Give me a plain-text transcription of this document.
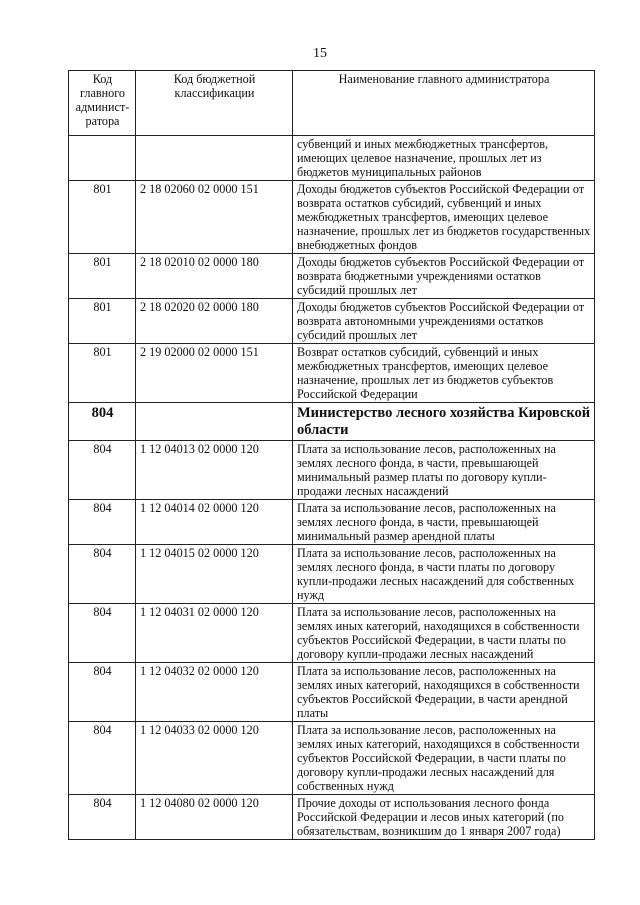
15
Код главного админист-ратора	Код бюджетной классификации	Наименование главного администратора
		субвенций и иных межбюджетных трансфертов, имеющих целевое назначение, прошлых лет из бюджетов муниципальных районов
801	2 18 02060 02 0000 151	Доходы бюджетов субъектов Российской Федерации от возврата остатков субсидий, субвенций и иных межбюджетных трансфертов, имеющих целевое назначение, прошлых лет из бюджетов государственных внебюджетных фондов
801	2 18 02010 02 0000 180	Доходы бюджетов субъектов Российской Федерации от возврата бюджетными учреждениями остатков субсидий прошлых лет
801	2 18 02020 02 0000 180	Доходы бюджетов субъектов Российской Федерации от возврата автономными учреждениями остатков субсидий прошлых лет
801	2 19 02000 02 0000 151	Возврат остатков субсидий, субвенций и иных межбюджетных трансфертов, имеющих целевое назначение, прошлых лет из бюджетов субъектов Российской Федерации
804		Министерство лесного хозяйства Кировской области
804	1 12 04013 02 0000 120	Плата за использование лесов, расположенных на землях лесного фонда, в части, превышающей минимальный размер платы по договору купли-продажи лесных насаждений
804	1 12 04014 02 0000 120	Плата за использование лесов, расположенных на землях лесного фонда, в части, превышающей минимальный размер арендной платы
804	1 12 04015 02 0000 120	Плата за использование лесов, расположенных на землях лесного фонда, в части платы по договору купли-продажи лесных насаждений для собственных нужд
804	1 12 04031 02 0000 120	Плата за использование лесов, расположенных на землях иных категорий, находящихся в собственности субъектов Российской Федерации, в части платы по договору купли-продажи лесных насаждений
804	1 12 04032 02 0000 120	Плата за использование лесов, расположенных на землях иных категорий, находящихся в собственности субъектов Российской Федерации, в части арендной платы
804	1 12 04033 02 0000 120	Плата за использование лесов, расположенных на землях иных категорий, находящихся в собственности субъектов Российской Федерации, в части платы по договору купли-продажи лесных насаждений для собственных нужд
804	1 12 04080 02 0000 120	Прочие доходы от использования лесного фонда Российской Федерации и лесов иных категорий (по обязательствам, возникшим до 1 января 2007 года)
